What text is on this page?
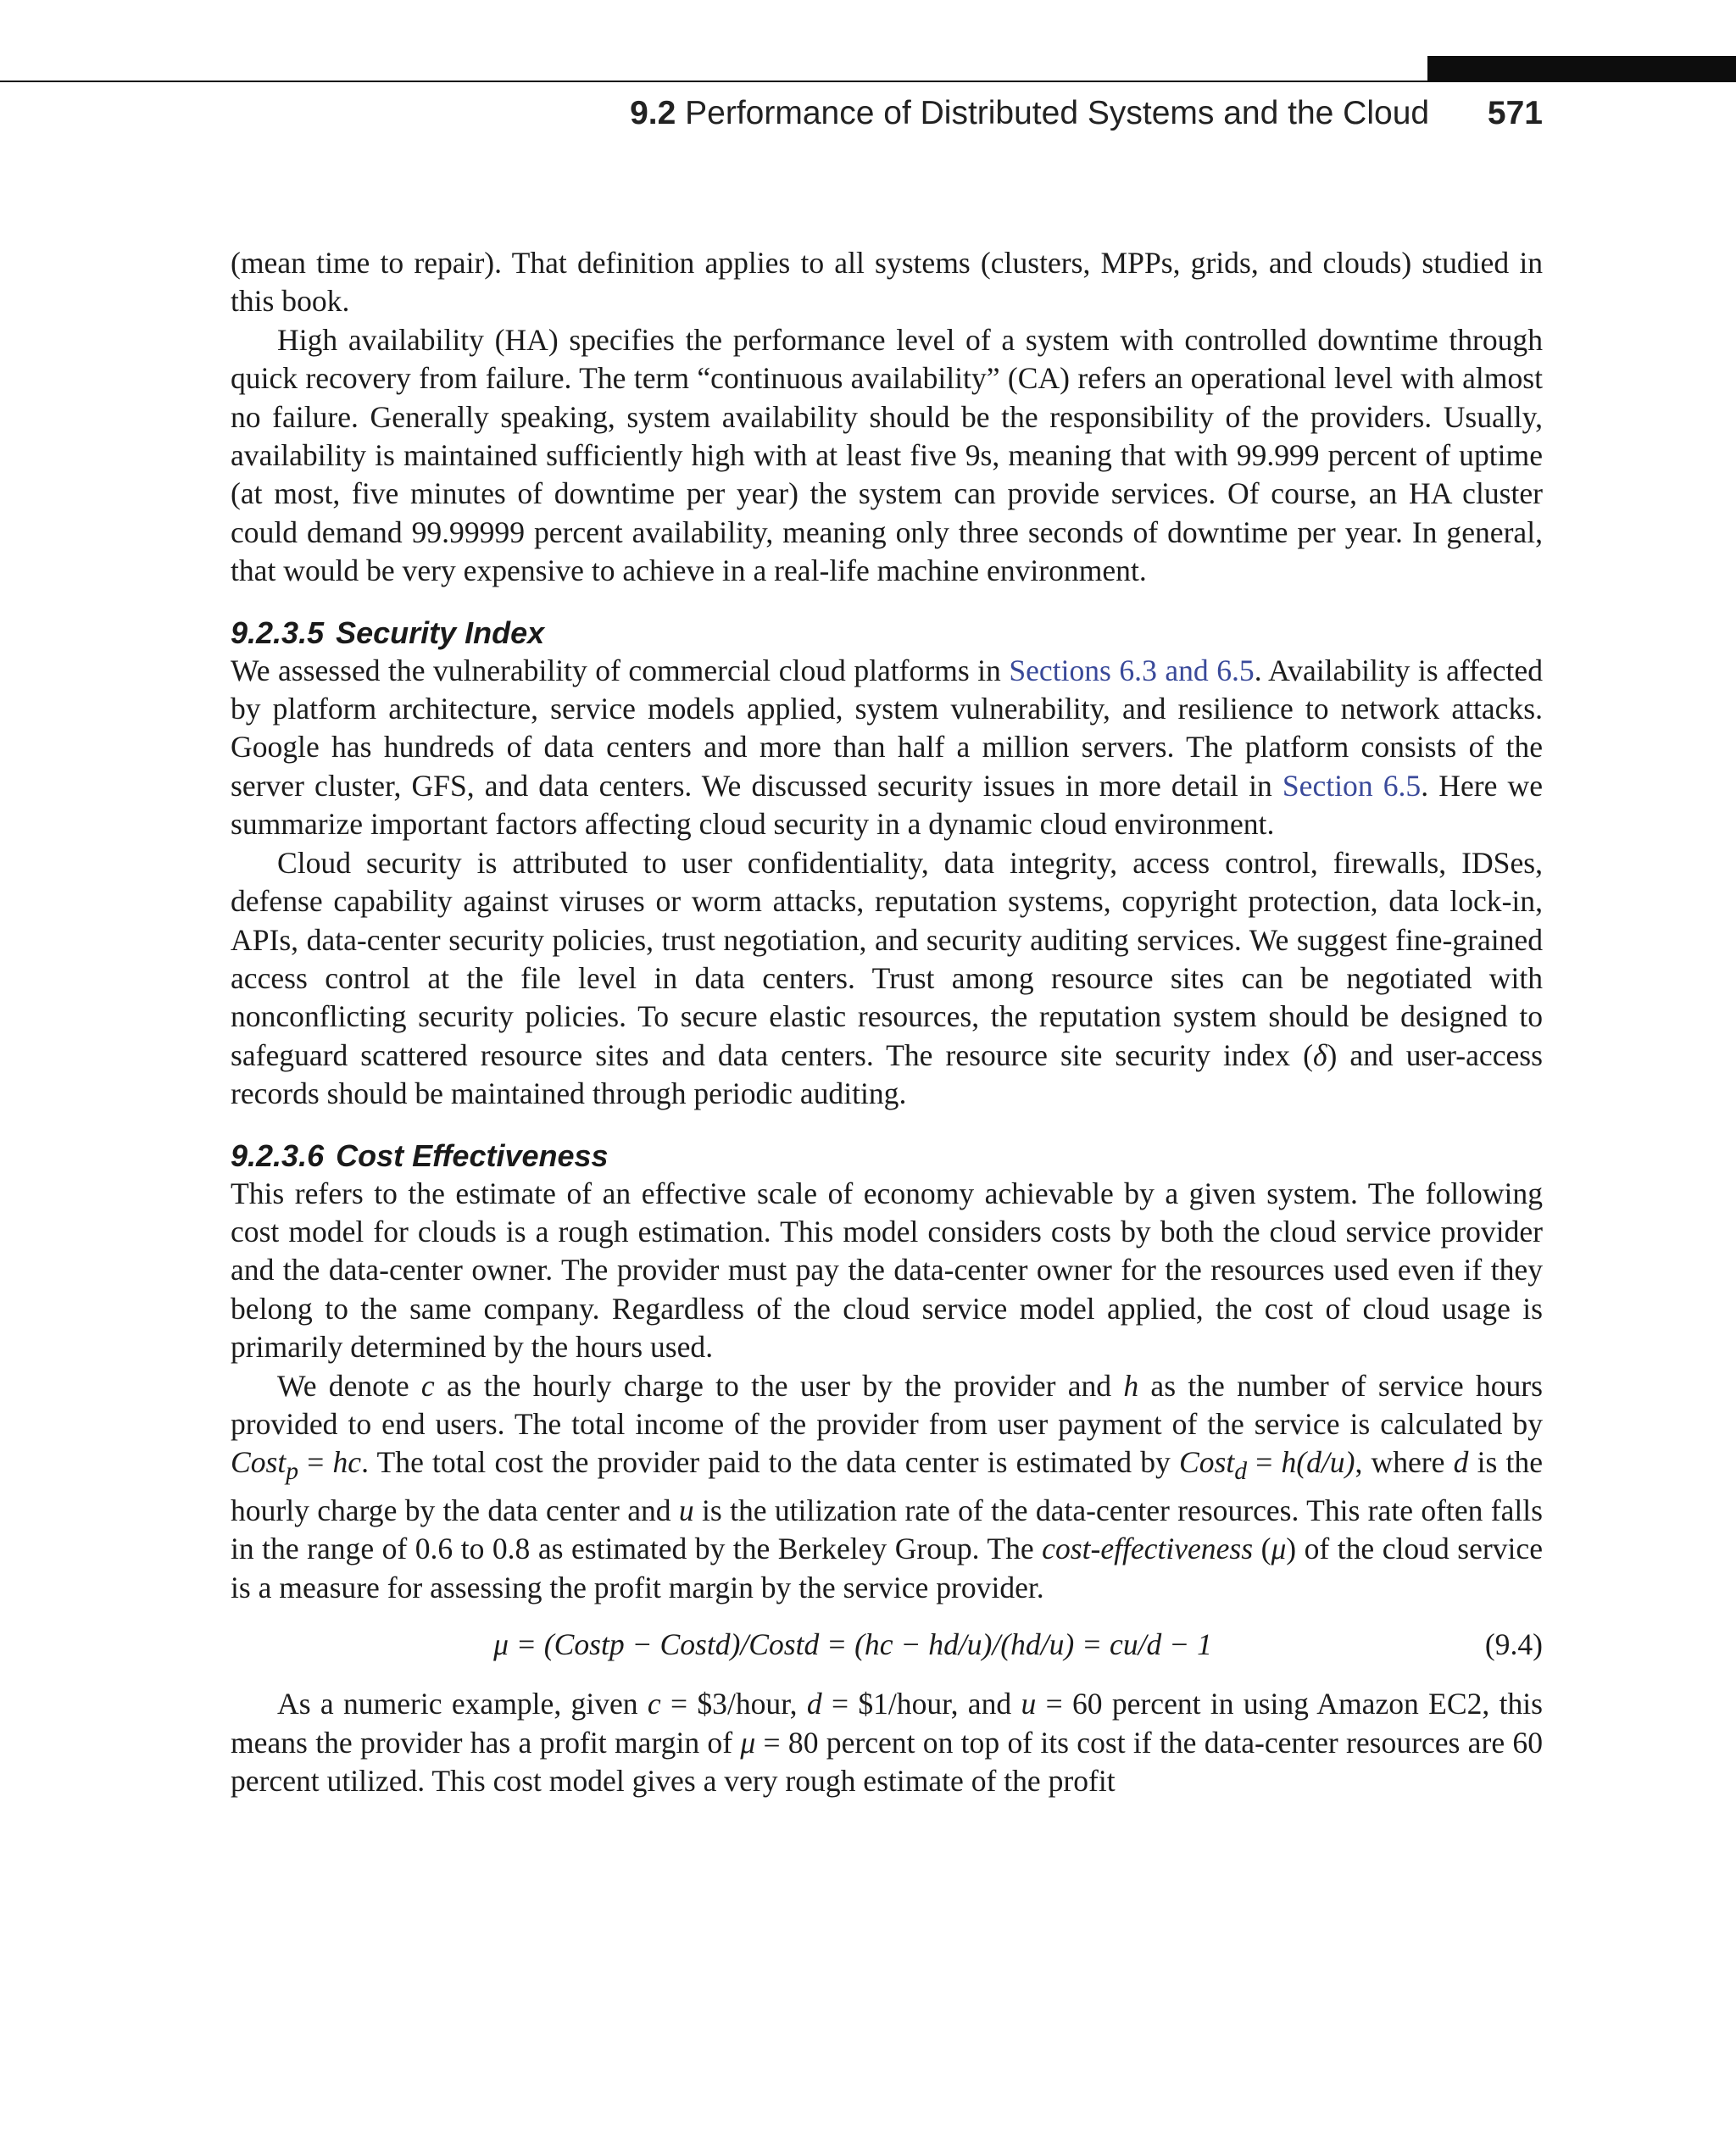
9.2 Performance of Distributed Systems and the Cloud 571

(mean time to repair). That definition applies to all systems (clusters, MPPs, grids, and clouds) studied in this book.

High availability (HA) specifies the performance level of a system with controlled downtime through quick recovery from failure. The term “continuous availability” (CA) refers an operational level with almost no failure. Generally speaking, system availability should be the responsibility of the providers. Usually, availability is maintained sufficiently high with at least five 9s, meaning that with 99.999 percent of uptime (at most, five minutes of downtime per year) the system can provide services. Of course, an HA cluster could demand 99.99999 percent availability, meaning only three seconds of downtime per year. In general, that would be very expensive to achieve in a real-life machine environment.

9.2.3.5 Security Index

We assessed the vulnerability of commercial cloud platforms in Sections 6.3 and 6.5. Availability is affected by platform architecture, service models applied, system vulnerability, and resilience to network attacks. Google has hundreds of data centers and more than half a million servers. The platform consists of the server cluster, GFS, and data centers. We discussed security issues in more detail in Section 6.5. Here we summarize important factors affecting cloud security in a dynamic cloud environment.

Cloud security is attributed to user confidentiality, data integrity, access control, firewalls, IDSes, defense capability against viruses or worm attacks, reputation systems, copyright protection, data lock-in, APIs, data-center security policies, trust negotiation, and security auditing services. We suggest fine-grained access control at the file level in data centers. Trust among resource sites can be negotiated with nonconflicting security policies. To secure elastic resources, the reputation system should be designed to safeguard scattered resource sites and data centers. The resource site security index (δ) and user-access records should be maintained through periodic auditing.

9.2.3.6 Cost Effectiveness

This refers to the estimate of an effective scale of economy achievable by a given system. The following cost model for clouds is a rough estimation. This model considers costs by both the cloud service provider and the data-center owner. The provider must pay the data-center owner for the resources used even if they belong to the same company. Regardless of the cloud service model applied, the cost of cloud usage is primarily determined by the hours used.

We denote c as the hourly charge to the user by the provider and h as the number of service hours provided to end users. The total income of the provider from user payment of the service is calculated by Cost$_p$ = hc. The total cost the provider paid to the data center is estimated by Cost$_d$ = h(d/u), where d is the hourly charge by the data center and u is the utilization rate of the data-center resources. This rate often falls in the range of 0.6 to 0.8 as estimated by the Berkeley Group. The cost-effectiveness (μ) of the cloud service is a measure for assessing the profit margin by the service provider.

μ = (Costp − Costd)/Costd = (hc − hd/u)/(hd/u) = cu/d − 1	(9.4)

As a numeric example, given c = $3/hour, d = $1/hour, and u = 60 percent in using Amazon EC2, this means the provider has a profit margin of μ = 80 percent on top of its cost if the data-center resources are 60 percent utilized. This cost model gives a very rough estimate of the profit
